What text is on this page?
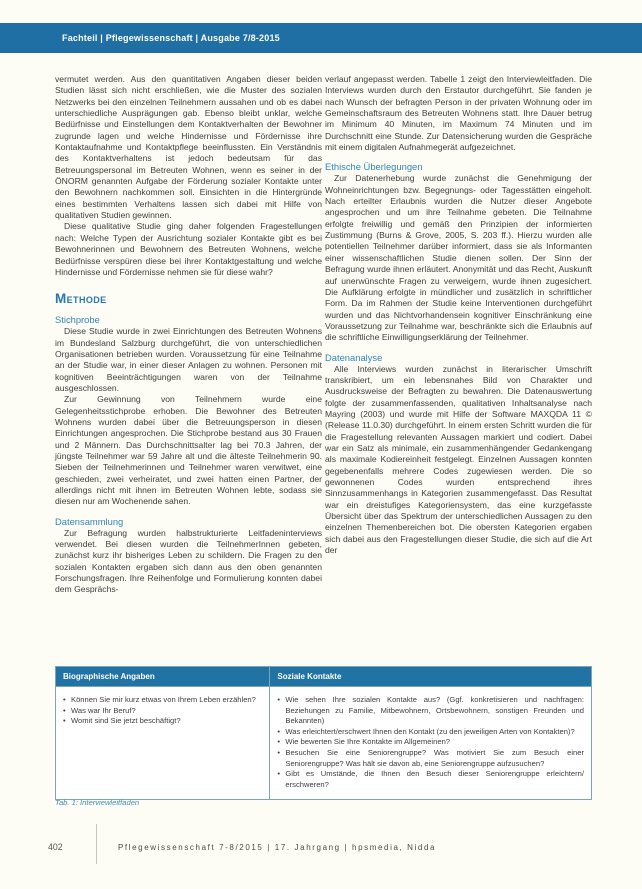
Fachteil | Pflegewissenschaft | Ausgabe 7/8-2015

vermutet werden. Aus den quantitativen Angaben dieser beiden Studien lässt sich nicht erschließen, wie die Muster des sozialen Netzwerks bei den einzelnen Teilnehmern aussahen und ob es dabei unterschiedliche Ausprägungen gab. Ebenso bleibt unklar, welche Bedürfnisse und Einstellungen dem Kontaktverhalten der Bewohner zugrunde lagen und welche Hindernisse und Fördernisse ihre Kontaktaufnahme und Kontaktpflege beeinflussten. Ein Verständnis des Kontaktverhaltens ist jedoch bedeutsam für das Betreuungspersonal im Betreuten Wohnen, wenn es seiner in der ÖNORM genannten Aufgabe der Förderung sozialer Kontakte unter den Bewohnern nachkommen soll. Einsichten in die Hintergründe eines bestimmten Verhaltens lassen sich dabei mit Hilfe von qualitativen Studien gewinnen.

Diese qualitative Studie ging daher folgenden Fragestellungen nach: Welche Typen der Ausrichtung sozialer Kontakte gibt es bei Bewohnerinnen und Bewohnern des Betreuten Wohnens, welche Bedürfnisse verspüren diese bei ihrer Kontaktgestaltung und welche Hindernisse und Fördernisse nehmen sie für diese wahr?

Methode
Stichprobe

Diese Studie wurde in zwei Einrichtungen des Betreuten Wohnens im Bundesland Salzburg durchgeführt, die von unterschiedlichen Organisationen betrieben wurden. Voraussetzung für eine Teilnahme an der Studie war, in einer dieser Anlagen zu wohnen. Personen mit kognitiven Beeinträchtigungen waren von der Teilnahme ausgeschlossen.

Zur Gewinnung von Teilnehmern wurde eine Gelegenheitsstichprobe erhoben. Die Bewohner des Betreuten Wohnens wurden dabei über die Betreuungsperson in diesen Einrichtungen angesprochen. Die Stichprobe bestand aus 30 Frauen und 2 Männern. Das Durchschnittsalter lag bei 70.3 Jahren, der jüngste Teilnehmer war 59 Jahre alt und die älteste Teilnehmerin 90. Sieben der Teilnehmerinnen und Teilnehmer waren verwitwet, eine geschieden, zwei verheiratet, und zwei hatten einen Partner, der allerdings nicht mit ihnen im Betreuten Wohnen lebte, sodass sie diesen nur am Wochenende sahen.

Datensammlung

Zur Befragung wurden halbstrukturierte Leitfadeninterviews verwendet. Bei diesen wurden die TeilnehmerInnen gebeten, zunächst kurz ihr bisheriges Leben zu schildern. Die Fragen zu den sozialen Kontakten ergaben sich dann aus den oben genannten Forschungsfragen. Ihre Reihenfolge und Formulierung konnten dabei dem Gesprächs-

verlauf angepasst werden. Tabelle 1 zeigt den Interviewleitfaden. Die Interviews wurden durch den Erstautor durchgeführt. Sie fanden je nach Wunsch der befragten Person in der privaten Wohnung oder im Gemeinschaftsraum des Betreuten Wohnens statt. Ihre Dauer betrug im Minimum 40 Minuten, im Maximum 74 Minuten und im Durchschnitt eine Stunde. Zur Datensicherung wurden die Gespräche mit einem digitalen Aufnahmegerät aufgezeichnet.

Ethische Überlegungen

Zur Datenerhebung wurde zunächst die Genehmigung der Wohneinrichtungen bzw. Begegnungs- oder Tagesstätten eingeholt. Nach erteilter Erlaubnis wurden die Nutzer dieser Angebote angesprochen und um ihre Teilnahme gebeten. Die Teilnahme erfolgte freiwillig und gemäß den Prinzipien der informierten Zustimmung (Burns & Grove, 2005, S. 203 ff.). Hierzu wurden alle potentiellen Teilnehmer darüber informiert, dass sie als Informanten einer wissenschaftlichen Studie dienen sollen. Der Sinn der Befragung wurde ihnen erläutert. Anonymität und das Recht, Auskunft auf unerwünschte Fragen zu verweigern, wurde ihnen zugesichert. Die Aufklärung erfolgte in mündlicher und zusätzlich in schriftlicher Form. Da im Rahmen der Studie keine Interventionen durchgeführt wurden und das Nichtvorhandensein kognitiver Einschränkung eine Voraussetzung zur Teilnahme war, beschränkte sich die Erlaubnis auf die schriftliche Einwilligungserklärung der Teilnehmer.

Datenanalyse

Alle Interviews wurden zunächst in literarischer Umschrift transkribiert, um ein lebensnahes Bild von Charakter und Ausdrucksweise der Befragten zu bewahren. Die Datenauswertung folgte der zusammenfassenden, qualitativen Inhaltsanalyse nach Mayring (2003) und wurde mit Hilfe der Software MAXQDA 11 © (Release 11.0.30) durchgeführt. In einem ersten Schritt wurden die für die Fragestellung relevanten Aussagen markiert und codiert. Dabei war ein Satz als minimale, ein zusammenhängender Gedankengang als maximale Kodiereinheit festgelegt. Einzelnen Aussagen konnten gegebenenfalls mehrere Codes zugewiesen werden. Die so gewonnenen Codes wurden entsprechend ihres Sinnzusammenhangs in Kategorien zusammengefasst. Das Resultat war ein dreistufiges Kategoriensystem, das eine kurzgefasste Übersicht über das Spektrum der unterschiedlichen Aussagen zu den einzelnen Themenbereichen bot. Die obersten Kategorien ergaben sich dabei aus den Fragestellungen dieser Studie, die sich auf die Art der

Biographische Angaben	Soziale Kontakte

• Können Sie mir kurz etwas von Ihrem Leben erzählen?
• Was war Ihr Beruf?
• Womit sind Sie jetzt beschäftigt?

• Wie sehen Ihre sozialen Kontakte aus? (Ggf. konkretisieren und nachfragen: Beziehungen zu Familie, Mitbewohnern, Ortsbewohnern, sonstigen Freunden und Bekannten)
• Was erleichtert/erschwert Ihnen den Kontakt (zu den jeweiligen Arten von Kontakten)?
• Wie bewerten Sie Ihre Kontakte im Allgemeinen?
• Besuchen Sie eine Seniorengruppe? Was motiviert Sie zum Besuch einer Seniorengruppe? Was hält sie davon ab, eine Seniorengruppe aufzusuchen?
• Gibt es Umstände, die Ihnen den Besuch dieser Seniorengruppe erleichtern/ erschweren?
Tab. 1: Interviewleitfaden
402	Pflegewissenschaft 7-8/2015 | 17. Jahrgang | hpsmedia, Nidda
